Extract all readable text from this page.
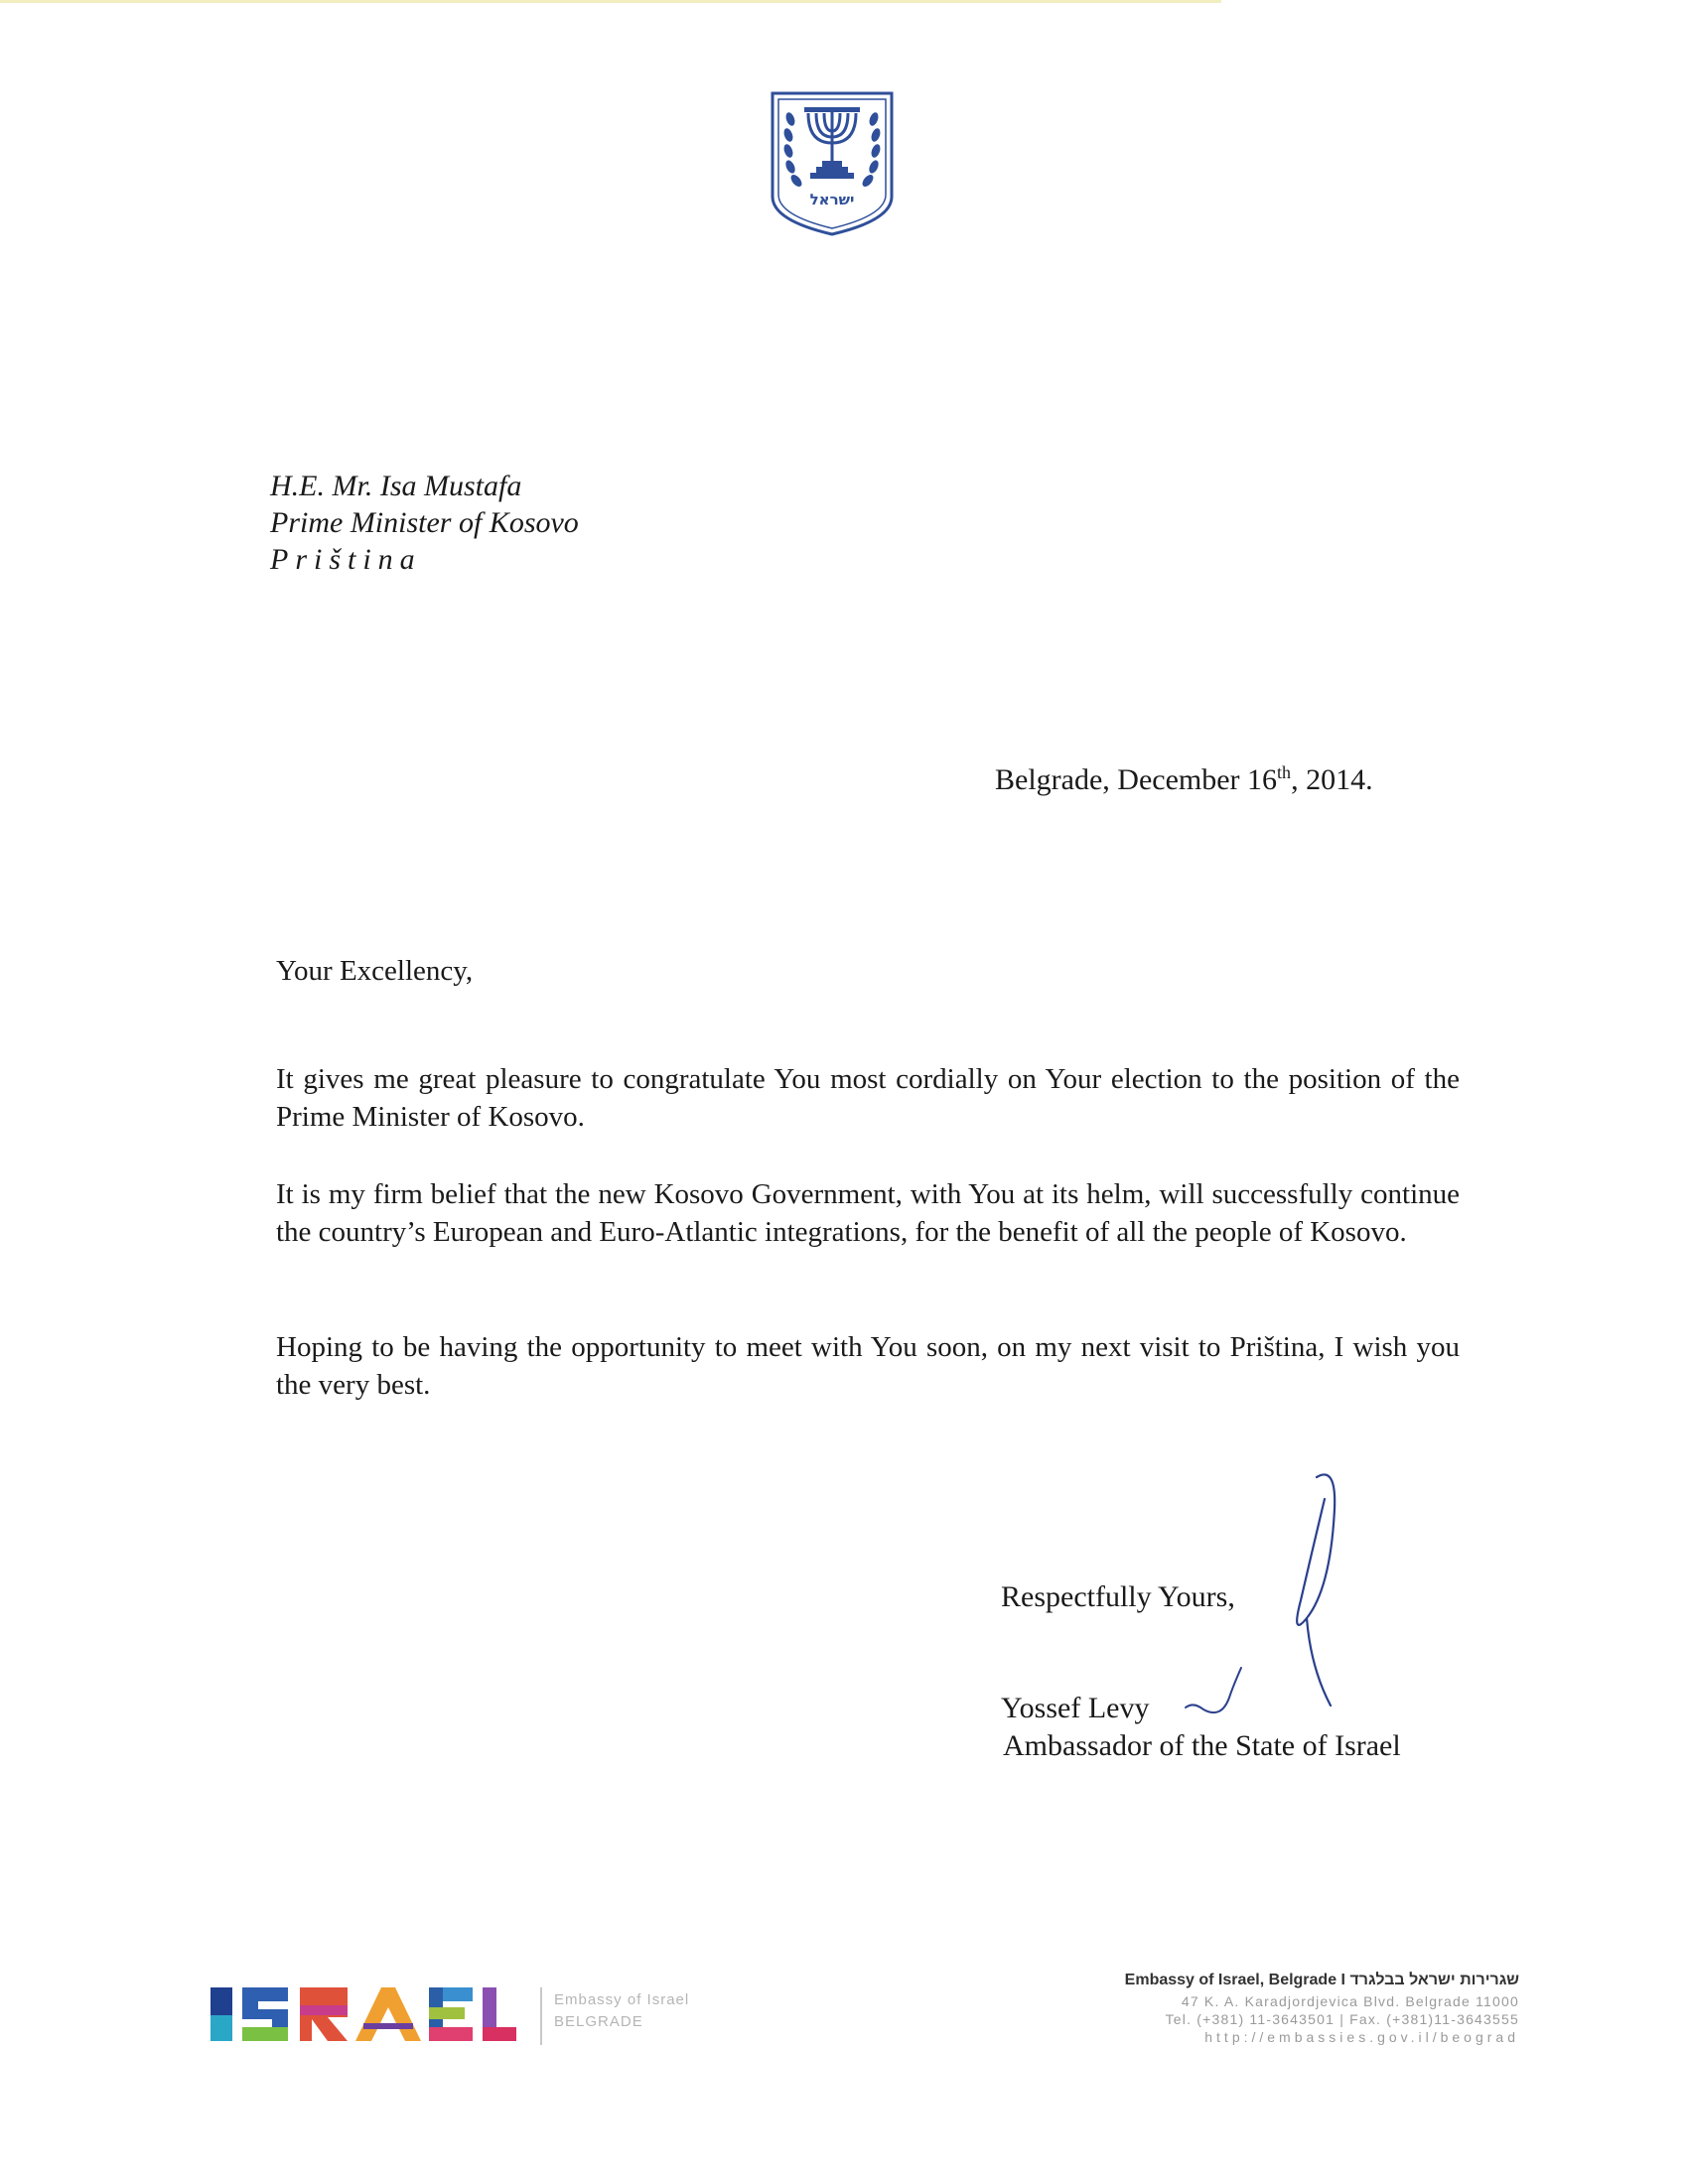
ישראל
H.E. Mr. Isa Mustafa
Prime Minister of Kosovo
Priština
Belgrade, December 16th, 2014.
Your Excellency,
It gives me great pleasure to congratulate You most cordially on Your election to the position of the Prime Minister of Kosovo.
It is my firm belief that the new Kosovo Government, with You at its helm, will successfully continue the country’s European and Euro-Atlantic integrations, for the benefit of all the people of Kosovo.
Hoping to be having the opportunity to meet with You soon, on my next visit to Priština, I wish you the very best.
Respectfully Yours,
Yossef Levy
Ambassador of the State of Israel
ISRAEL
Embassy of Israel
BELGRADE
Embassy of Israel, Belgrade I שגרירות ישראל בבלגרד
47 K. A. Karadjordjevica Blvd. Belgrade 11000
Tel. (+381) 11-3643501 | Fax. (+381)11-3643555
http://embassies.gov.il/beograd
